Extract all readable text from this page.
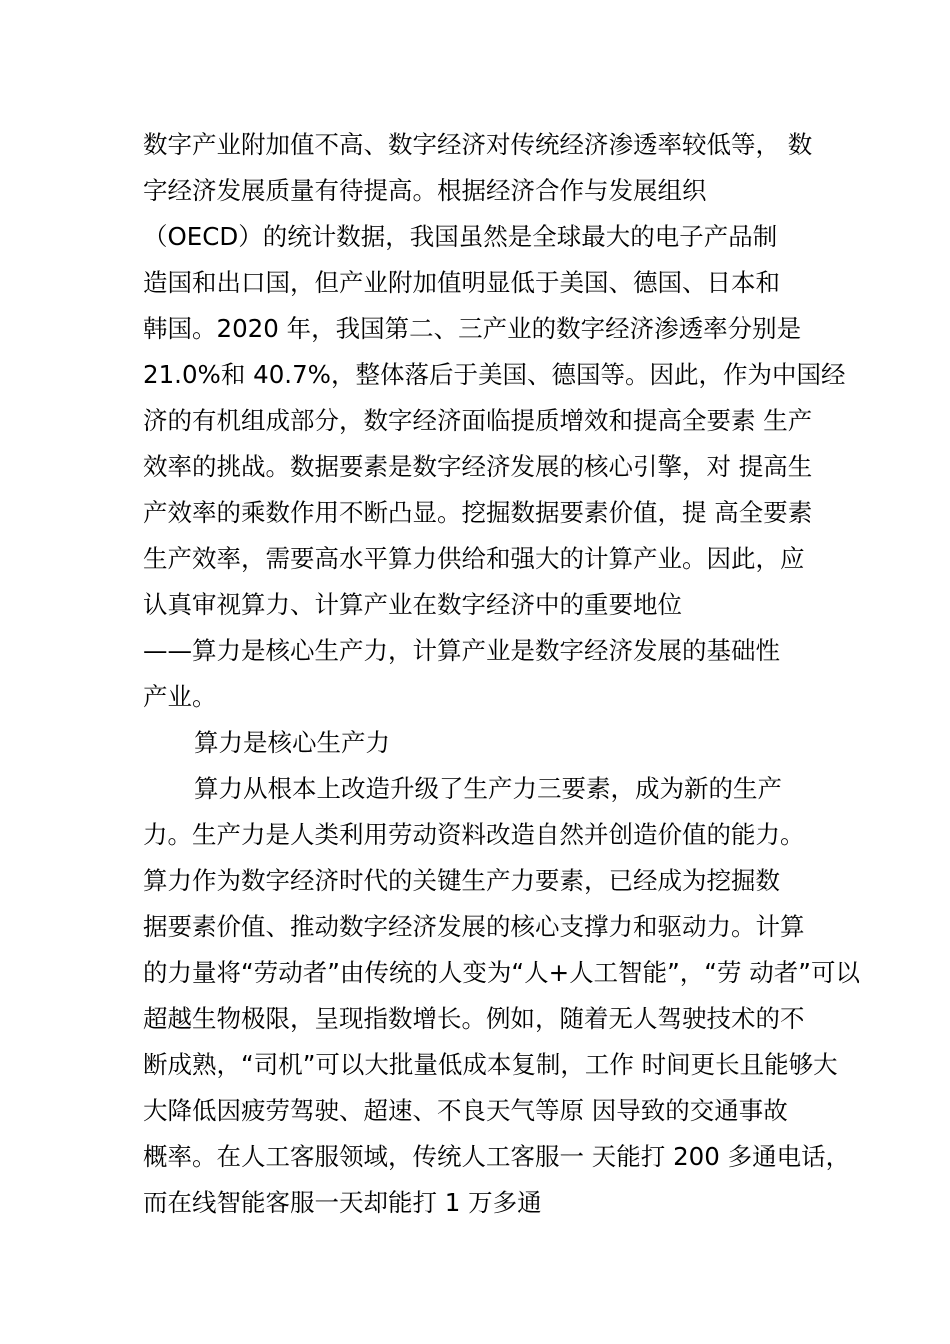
数字产业附加值不高、数字经济对传统经济渗透率较低等， 数
字经济发展质量有待提高。根据经济合作与发展组织
（OECD）的统计数据，我国虽然是全球最大的电子产品制
造国和出口国，但产业附加值明显低于美国、德国、日本和
韩国。2020 年，我国第二、三产业的数字经济渗透率分别是
21.0%和 40.7%，整体落后于美国、德国等。因此，作为中国经
济的有机组成部分，数字经济面临提质增效和提高全要素 生产
效率的挑战。数据要素是数字经济发展的核心引擎，对 提高生
产效率的乘数作用不断凸显。挖掘数据要素价值，提 高全要素
生产效率，需要高水平算力供给和强大的计算产业。因此，应
认真审视算力、计算产业在数字经济中的重要地位
——算力是核心生产力，计算产业是数字经济发展的基础性
产业。
算力是核心生产力
算力从根本上改造升级了生产力三要素，成为新的生产
力。生产力是人类利用劳动资料改造自然并创造价值的能力。
算力作为数字经济时代的关键生产力要素，已经成为挖掘数
据要素价值、推动数字经济发展的核心支撑力和驱动力。计算
的力量将“劳动者”由传统的人变为“人+人工智能”，“劳 动者”可以
超越生物极限，呈现指数增长。例如，随着无人驾驶技术的不
断成熟，“司机”可以大批量低成本复制，工作 时间更长且能够大
大降低因疲劳驾驶、超速、不良天气等原 因导致的交通事故
概率。在人工客服领域，传统人工客服一 天能打 200 多通电话，
而在线智能客服一天却能打 1 万多通
